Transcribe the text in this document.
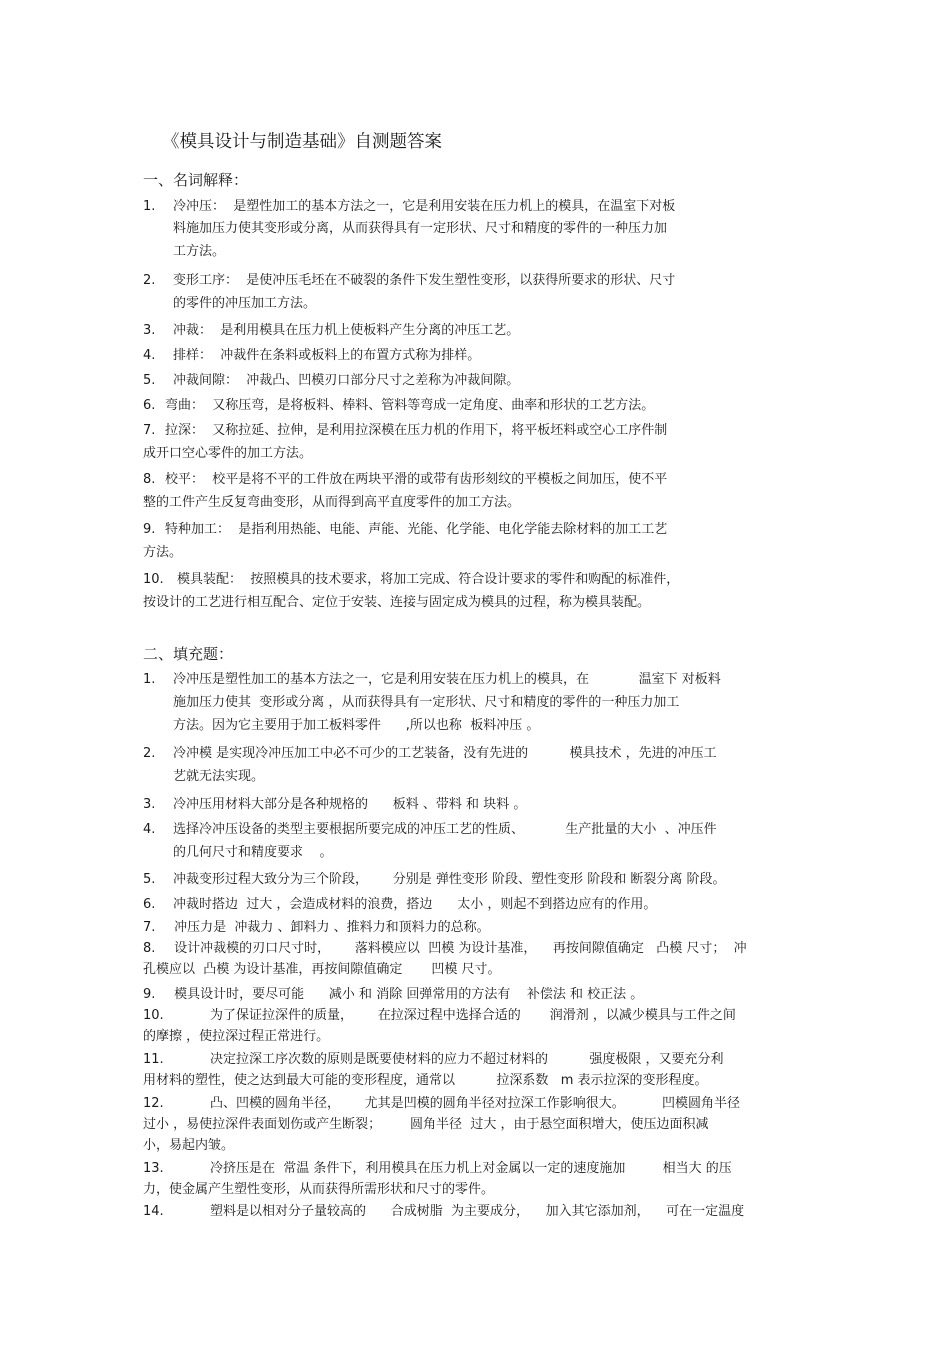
《模具设计与制造基础》自测题答案
一、名词解释：
1. 冷冲压：  是塑性加工的基本方法之一，它是利用安装在压力机上的模具，在温室下对板
料施加压力使其变形或分离，从而获得具有一定形状、尺寸和精度的零件的一种压力加
工方法。
2. 变形工序：  是使冲压毛坯在不破裂的条件下发生塑性变形，以获得所要求的形状、尺寸
的零件的冲压加工方法。
3. 冲裁：  是利用模具在压力机上使板料产生分离的冲压工艺。
4. 排样：  冲裁件在条料或板料上的布置方式称为排样。
5. 冲裁间隙：  冲裁凸、凹模刃口部分尺寸之差称为冲裁间隙。
6. 弯曲：  又称压弯，是将板料、棒料、管料等弯成一定角度、曲率和形状的工艺方法。
7. 拉深：  又称拉延、拉伸，是利用拉深模在压力机的作用下，将平板坯料或空心工序件制
成开口空心零件的加工方法。
8. 校平：  校平是将不平的工件放在两块平滑的或带有齿形刻纹的平模板之间加压，使不平
整的工件产生反复弯曲变形，从而得到高平直度零件的加工方法。
9. 特种加工：  是指利用热能、电能、声能、光能、化学能、电化学能去除材料的加工工艺
方法。
10. 模具装配：  按照模具的技术要求，将加工完成、符合设计要求的零件和购配的标准件，
按设计的工艺进行相互配合、定位于安装、连接与固定成为模具的过程，称为模具装配。
二、填充题：
1. 冷冲压是塑性加工的基本方法之一，它是利用安装在压力机上的模具，在            温室下 对板料
施加压力使其  变形或分离 ，从而获得具有一定形状、尺寸和精度的零件的一种压力加工
方法。因为它主要用于加工板料零件      ,所以也称  板料冲压 。
2. 冷冲模 是实现冷冲压加工中必不可少的工艺装备，没有先进的          模具技术 ，先进的冲压工
艺就无法实现。
3. 冷冲压用材料大部分是各种规格的      板料 、带料 和 块料 。
4. 选择冷冲压设备的类型主要根据所要完成的冲压工艺的性质、          生产批量的大小  、冲压件
的几何尺寸和精度要求    。
5. 冲裁变形过程大致分为三个阶段，      分别是 弹性变形 阶段、塑性变形 阶段和 断裂分离 阶段。
6. 冲裁时搭边  过大 ，会造成材料的浪费，搭边      太小 ，则起不到搭边应有的作用。
7. 冲压力是  冲裁力 、卸料力 、推料力和顶料力的总称。
8. 设计冲裁模的刃口尺寸时，      落料模应以  凹模 为设计基准，    再按间隙值确定   凸模 尺寸；  冲
孔模应以  凸模 为设计基准，再按间隙值确定       凹模 尺寸。
9. 模具设计时，要尽可能      减小 和 消除 回弹常用的方法有    补偿法 和 校正法 。
10.	为了保证拉深件的质量，      在拉深过程中选择合适的       润滑剂 ，以减少模具与工件之间
的摩擦 ，使拉深过程正常进行。
11.	决定拉深工序次数的原则是既要使材料的应力不超过材料的          强度极限 ，又要充分利
用材料的塑性，使之达到最大可能的变形程度，通常以          拉深系数   m 表示拉深的变形程度。
12.	凸、凹模的圆角半径，      尤其是凹模的圆角半径对拉深工作影响很大。         凹模圆角半径
过小 ，易使拉深件表面划伤或产生断裂；       圆角半径  过大 ，由于悬空面积增大，使压边面积减
小，易起内皱。
13.	冷挤压是在  常温 条件下，利用模具在压力机上对金属以一定的速度施加         相当大 的压
力，使金属产生塑性变形，从而获得所需形状和尺寸的零件。
14.	塑料是以相对分子量较高的      合成树脂  为主要成分，    加入其它添加剂，    可在一定温度
